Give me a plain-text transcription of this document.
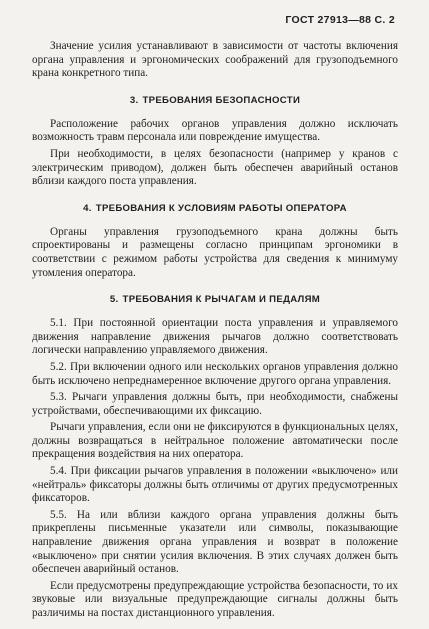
ГОСТ 27913—88 С. 2

Значение усилия устанавливают в зависимости от частоты включения органа управления и эргономических соображений для грузоподъемного крана конкретного типа.

3. ТРЕБОВАНИЯ БЕЗОПАСНОСТИ

Расположение рабочих органов управления должно исключать возможность травм персонала или повреждение имущества.

При необходимости, в целях безопасности (например у кранов с электрическим приводом), должен быть обеспечен аварийный останов вблизи каждого поста управления.

4. ТРЕБОВАНИЯ К УСЛОВИЯМ РАБОТЫ ОПЕРАТОРА

Органы управления грузоподъемного крана должны быть спроектированы и размещены согласно принципам эргономики в соответствии с режимом работы устройства для сведения к минимуму утомления оператора.

5. ТРЕБОВАНИЯ К РЫЧАГАМ И ПЕДАЛЯМ

5.1. При постоянной ориентации поста управления и управляемого движения направление движения рычагов должно соответствовать логически направлению управляемого движения.

5.2. При включении одного или нескольких органов управления должно быть исключено непреднамеренное включение другого органа управления.

5.3. Рычаги управления должны быть, при необходимости, снабжены устройствами, обеспечивающими их фиксацию.

Рычаги управления, если они не фиксируются в функциональных целях, должны возвращаться в нейтральное положение автоматически после прекращения воздействия на них оператора.

5.4. При фиксации рычагов управления в положении «выключено» или «нейтраль» фиксаторы должны быть отличимы от других предусмотренных фиксаторов.

5.5. На или вблизи каждого органа управления должны быть прикреплены письменные указатели или символы, показывающие направление движения органа управления и возврат в положение «выключено» при снятии усилия включения. В этих случаях должен быть обеспечен аварийный останов.

Если предусмотрены предупреждающие устройства безопасности, то их звуковые или визуальные предупреждающие сигналы должны быть различимы на постах дистанционного управления.
